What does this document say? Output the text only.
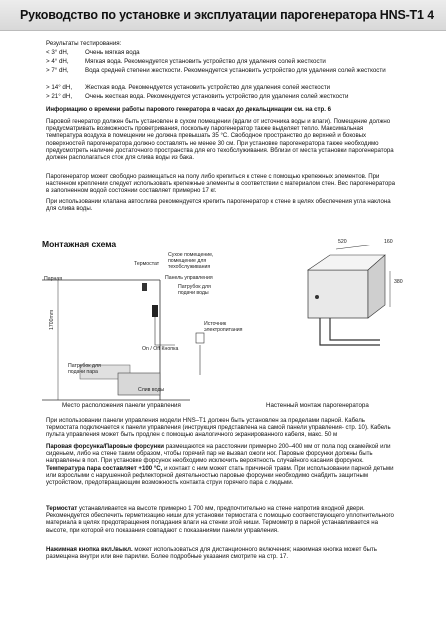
Руководство по установке и эксплуатации парогенератора HNS-T1 4
Результаты тестирования:
< 3° dH,	Очень мягкая вода
> 4° dH,	Мягкая вода. Рекомендуется установить устройство для удаления солей жесткости
> 7° dH,	Вода средней степени жесткости. Рекомендуется установить устройство для удаления солей жесткости
> 14° dH, Жесткая вода. Рекомендуется установить устройство для удаления солей жесткости
> 21° dH, Очень жесткая вода. Рекомендуется установить устройство для удаления солей жесткости
Информацию о времени работы парового генератора в часах до декальцинации см. на стр. 6
Паровой генератор должен быть установлен в сухом помещении (вдали от источника воды и влаги). Помещение должно предусматривать возможность проветривания, поскольку парогенератор также выделяет тепло. Максимальная температура воздуха в помещении не должна превышать 35 °C. Свободное пространство до верхней и боковых поверхностей парогенератора должно составлять не менее 30 см. При установке парогенератора также необходимо предусмотреть наличие достаточного пространства для его техобслуживания. Вблизи от места установки парогенератора должен располагаться сток для слива воды из бака.
Парогенератор может свободно размещаться на полу либо крепиться к стене с помощью крепежных элементов. При настенном креплении следует использовать крепежные элементы в соответствии с материалом стен. Вес парогенератора в заполненном водой состоянии составляет примерно 17 кг.
При использовании клапана автослива рекомендуется крепить парогенератор к стене в целях обеспечения угла наклона для слива воды.
Монтажная схема
Парная
Термостат
Сухое помещение, помещение для техобслуживания
Панель управления
Патрубок для подачи воды
Источник электропитания
On / Off Кнопка
Патрубок для подачи пара
Слив воды
1700mm
520	160
380
Место расположения панели управления	Настенный монтаж парогенератора
При использовании панели управления модели HNS–T1 должен быть установлен за пределами парной. Кабель термостата подключается к панели управления (инструкция представлена на самой панели управления- стр. 10). Кабель пульта управления может быть продлен с помощью аналогичного экранированного кабеля, макс. 50 м
Паровая форсунка/Паровые форсунки размещаются на расстоянии примерно 200–400 мм от пола под скамейкой или сиденьем, либо на стене таким образом, чтобы горячий пар не вызвал ожоги ног. Паровые форсунки должны быть направлены в пол. При установке форсунок необходимо исключить вероятность случайного касания форсунок.
Температура пара составляет +100 °C, и контакт с ним может стать причиной травм. При использовании парной детьми или взрослыми с нарушенной рефлекторной деятельностью паровые форсунки необходимо снабдить защитным устройством, предотвращающим возможность контакта струи горячего пара с людьми.
Термостат устанавливается на высоте примерно 1 700 мм, предпочтительно на стене напротив входной двери. Рекомендуется обеспечить герметизацию ниши для установки термостата с помощью соответствующего уплотнительного материала в целях предотвращения попадания влаги на стенки этой ниши. Термометр в парной устанавливается на высоте, при которой его показания совпадают с показаниями панели управления.
Нажимная кнопка вкл./выкл. может использоваться для дистанционного включения; нажимная кнопка может быть размещена внутри или вне парилки. Более подробные указания смотрите на стр. 17.
